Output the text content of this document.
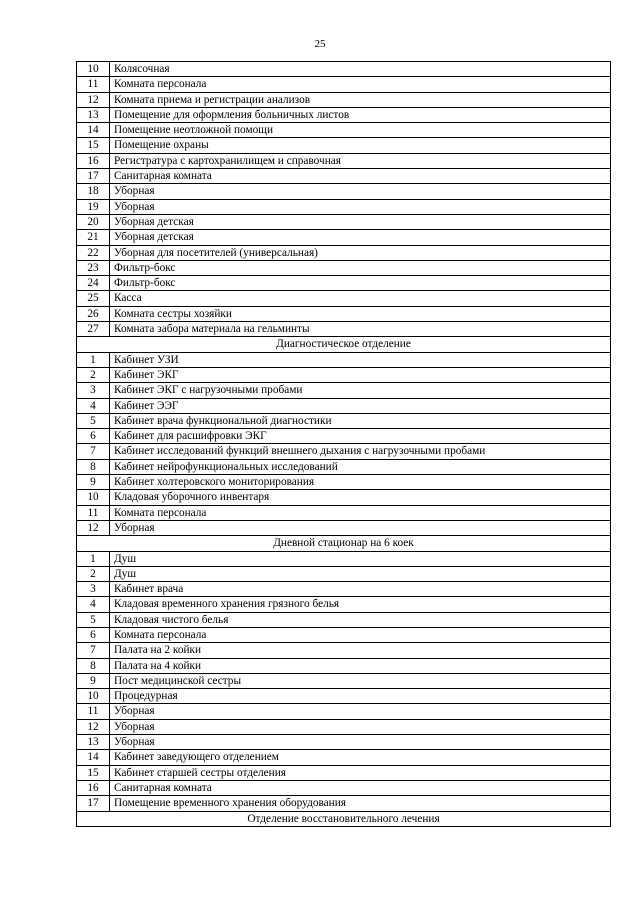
25
10	Колясочная
11	Комната персонала
12	Комната приема и регистрации анализов
13	Помещение для оформления больничных листов
14	Помещение неотложной помощи
15	Помещение охраны
16	Регистратура с картохранилищем и справочная
17	Санитарная комната
18	Уборная
19	Уборная
20	Уборная детская
21	Уборная детская
22	Уборная для посетителей (универсальная)
23	Фильтр-бокс
24	Фильтр-бокс
25	Касса
26	Комната сестры хозяйки
27	Комната забора материала на гельминты
Диагностическое отделение	
1	Кабинет УЗИ
2	Кабинет ЭКГ
3	Кабинет ЭКГ с нагрузочными пробами
4	Кабинет ЭЭГ
5	Кабинет врача функциональной диагностики
6	Кабинет для расшифровки ЭКГ
7	Кабинет исследований функций внешнего дыхания с нагрузочными пробами
8	Кабинет нейрофункциональных исследований
9	Кабинет холтеровского мониторирования
10	Кладовая уборочного инвентаря
11	Комната персонала
12	Уборная
Дневной стационар на 6 коек	
1	Душ
2	Душ
3	Кабинет врача
4	Кладовая временного хранения грязного белья
5	Кладовая чистого белья
6	Комната персонала
7	Палата на 2 койки
8	Палата на 4 койки
9	Пост медицинской сестры
10	Процедурная
11	Уборная
12	Уборная
13	Уборная
14	Кабинет заведующего отделением
15	Кабинет старшей сестры отделения
16	Санитарная комната
17	Помещение временного хранения оборудования
Отделение восстановительного лечения	
